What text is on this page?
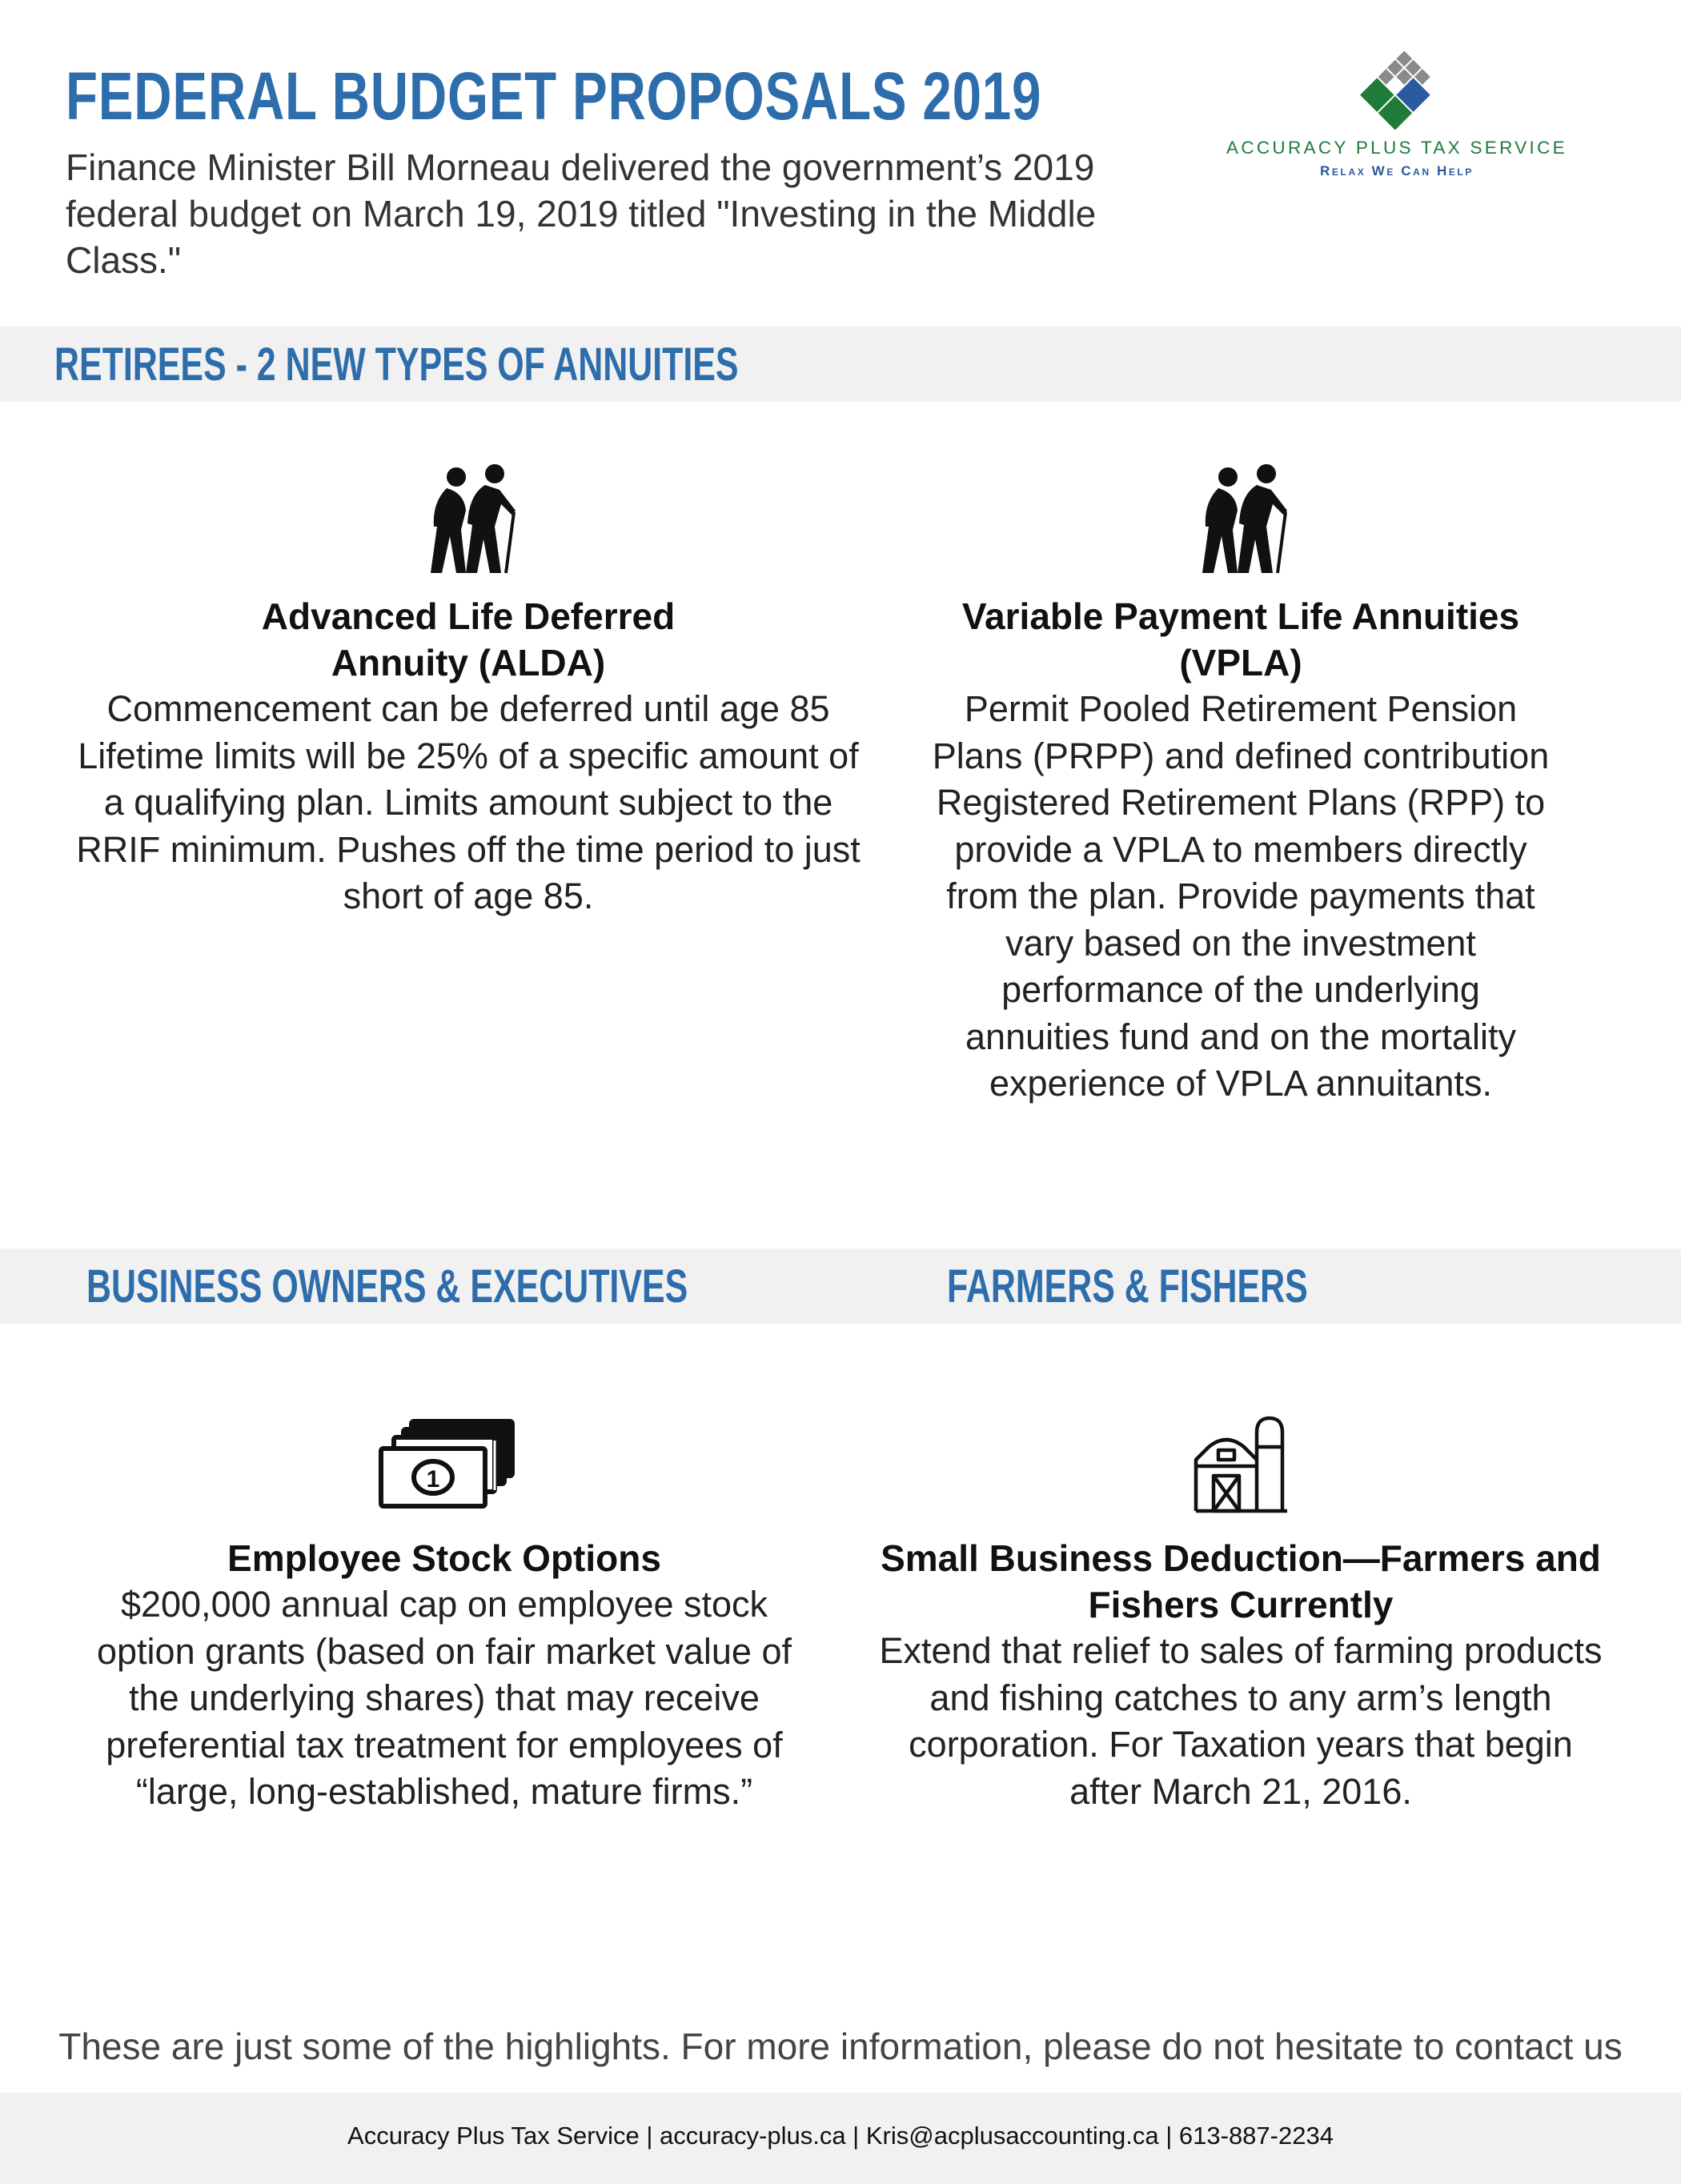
FEDERAL BUDGET PROPOSALS 2019
Finance Minister Bill Morneau delivered the government’s 2019 federal budget on March 19, 2019 titled "Investing in the Middle Class."
ACCURACY PLUS TAX SERVICE
Relax We Can Help
RETIREES - 2 NEW TYPES OF ANNUITIES
Advanced Life Deferred Annuity (ALDA)

Commencement can be deferred until age 85 Lifetime limits will be 25% of a specific amount of a qualifying plan. Limits amount subject to the RRIF minimum. Pushes off the time period to just short of age 85.

Variable Payment Life Annuities (VPLA)

Permit Pooled Retirement Pension Plans (PRPP) and defined contribution Registered Retirement Plans (RPP) to provide a VPLA to members directly from the plan. Provide payments that vary based on the investment performance of the underlying annuities fund and on the mortality experience of VPLA annuitants.

BUSINESS OWNERS & EXECUTIVES	FARMERS & FISHERS
1
Employee Stock Options

$200,000 annual cap on employee stock option grants (based on fair market value of the underlying shares) that may receive preferential tax treatment for employees of “large, long-established, mature firms.”

Small Business Deduction—Farmers and Fishers Currently

Extend that relief to sales of farming products and fishing catches to any arm’s length corporation. For Taxation years that begin after March 21, 2016.

These are just some of the highlights. For more information, please do not hesitate to contact us
Accuracy Plus Tax Service | accuracy-plus.ca | Kris@acplusaccounting.ca | 613-887-2234
